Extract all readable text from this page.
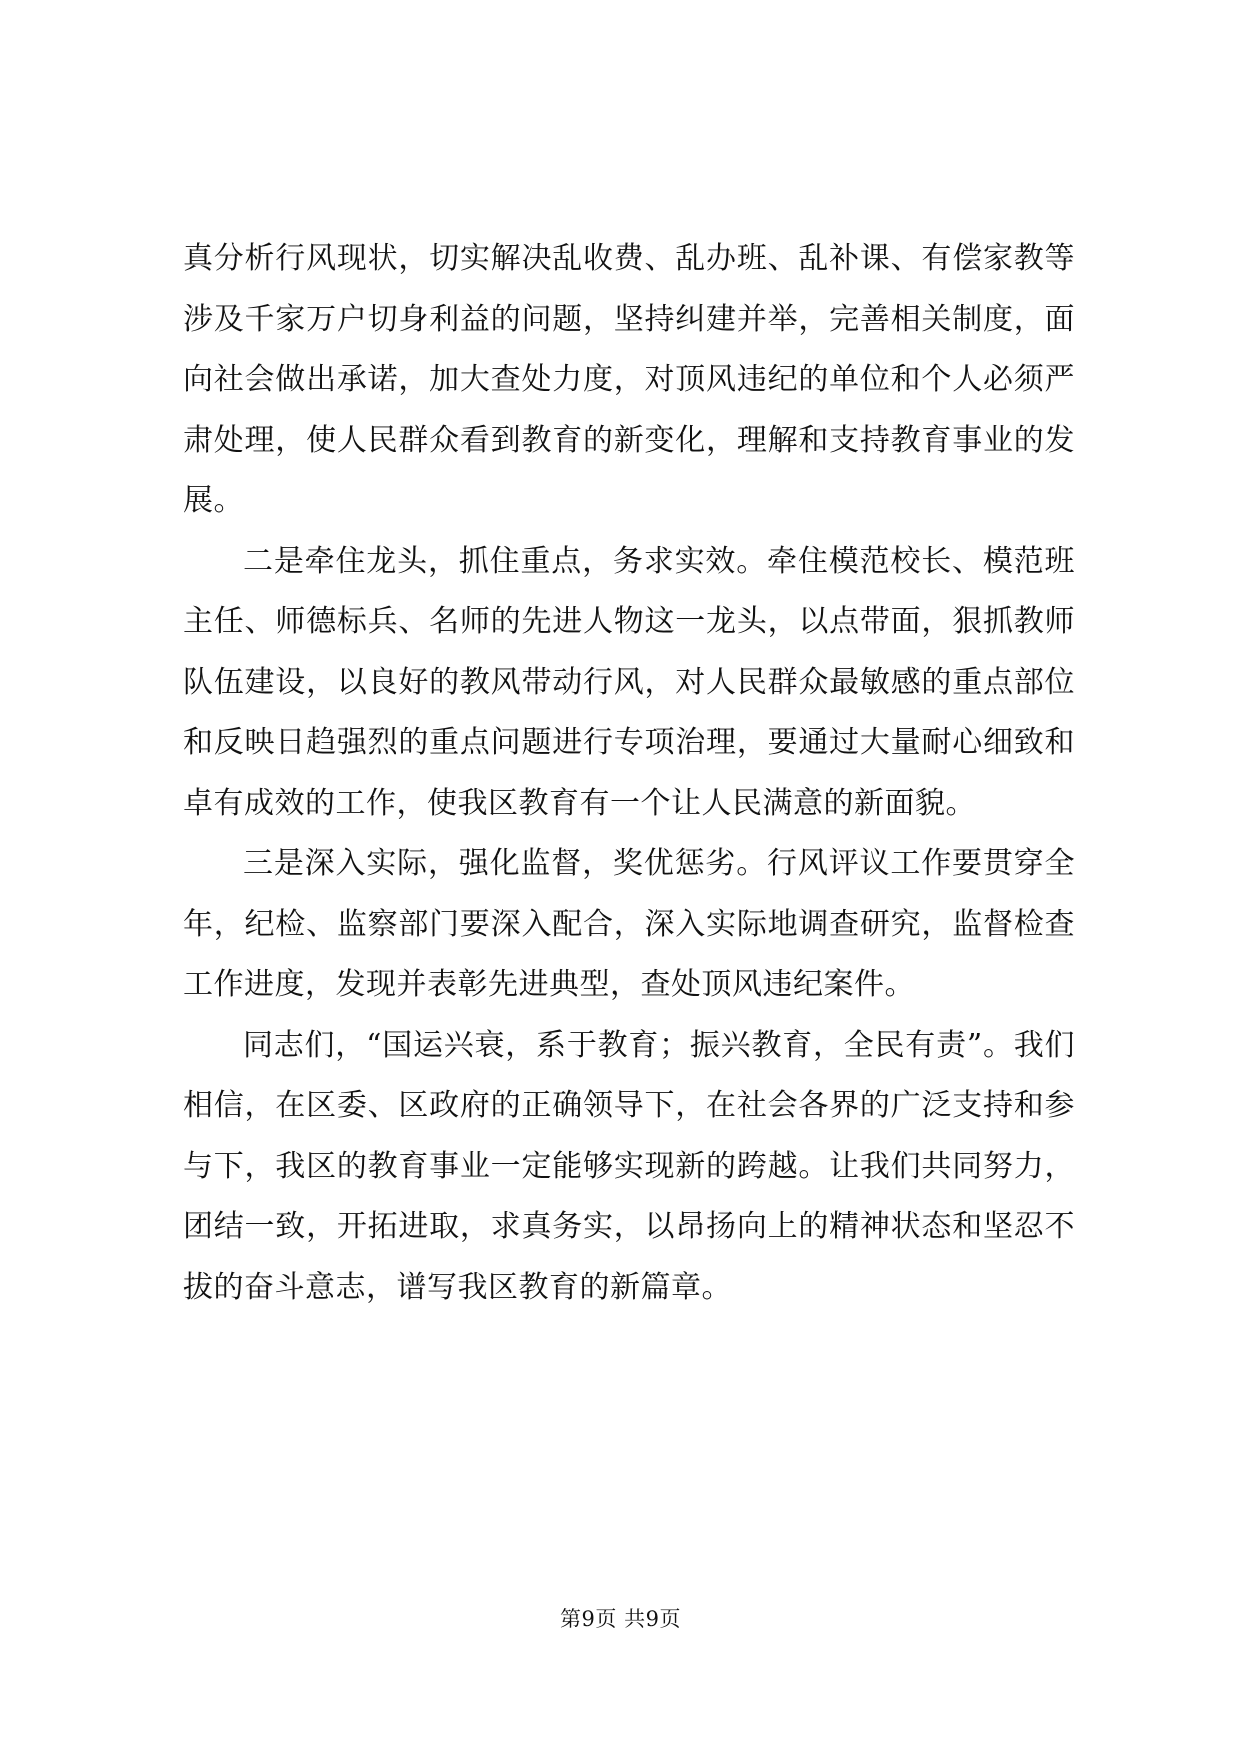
真分析行风现状，切实解决乱收费、乱办班、乱补课、有偿家教等涉及千家万户切身利益的问题，坚持纠建并举，完善相关制度，面向社会做出承诺，加大查处力度，对顶风违纪的单位和个人必须严肃处理，使人民群众看到教育的新变化，理解和支持教育事业的发展。

二是牵住龙头，抓住重点，务求实效。牵住模范校长、模范班主任、师德标兵、名师的先进人物这一龙头，以点带面，狠抓教师队伍建设，以良好的教风带动行风，对人民群众最敏感的重点部位和反映日趋强烈的重点问题进行专项治理，要通过大量耐心细致和卓有成效的工作，使我区教育有一个让人民满意的新面貌。

三是深入实际，强化监督，奖优惩劣。行风评议工作要贯穿全年，纪检、监察部门要深入配合，深入实际地调查研究，监督检查工作进度，发现并表彰先进典型，查处顶风违纪案件。

同志们，“国运兴衰，系于教育；振兴教育，全民有责”。我们相信，在区委、区政府的正确领导下，在社会各界的广泛支持和参与下，我区的教育事业一定能够实现新的跨越。让我们共同努力，团结一致，开拓进取，求真务实，以昂扬向上的精神状态和坚忍不拔的奋斗意志，谱写我区教育的新篇章。

第9页 共9页
